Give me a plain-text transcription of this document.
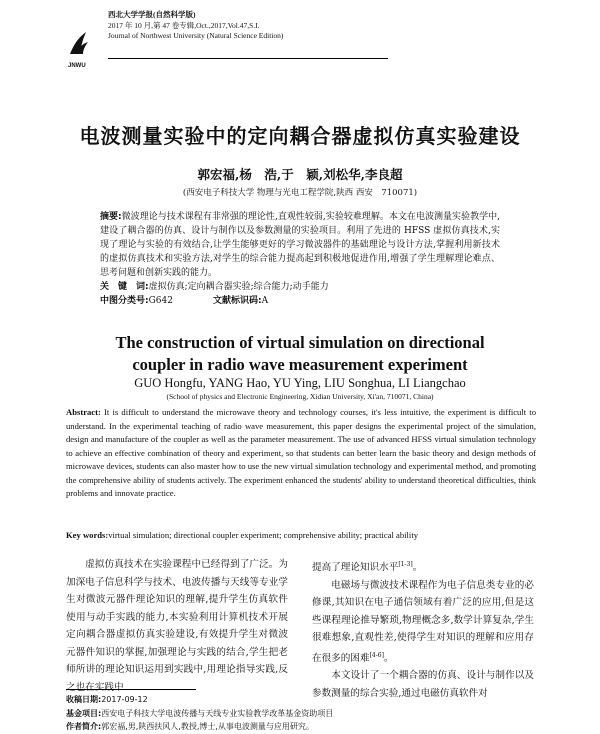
JNWU
西北大学学报(自然科学版)
2017 年 10 月,第 47 卷专辑,Oct.,2017,Vol.47,S.I.
Journal of Northwest University (Natural Science Edition)
电波测量实验中的定向耦合器虚拟仿真实验建设
郭宏福,杨　浩,于　颖,刘松华,李良超
(西安电子科技大学 物理与光电工程学院,陕西 西安　710071)
摘要:微波理论与技术课程有非常强的理论性,直观性较弱,实验较难理解。本文在电波测量实验教学中,建设了耦合器的仿真、设计与制作以及参数测量的实验项目。利用了先进的 HFSS 虚拟仿真技术,实现了理论与实验的有效结合,让学生能够更好的学习微波器件的基础理论与设计方法,掌握利用新技术的虚拟仿真技术和实验方法,对学生的综合能力提高起到积极地促进作用,增强了学生理解理论难点、思考问题和创新实践的能力。
关　键　词:虚拟仿真;定向耦合器实验;综合能力;动手能力
中图分类号:G642	文献标识码:A
The construction of virtual simulation on directional coupler in radio wave measurement experiment
GUO Hongfu, YANG Hao, YU Ying, LIU Songhua, LI Liangchao
(School of physics and Electronic Engineering, Xidian University, Xi'an, 710071, China)
Abstract: It is difficult to understand the microwave theory and technology courses, it's less intuitive, the experiment is difficult to understand. In the experimental teaching of radio wave measurement, this paper designs the experimental project of the simulation, design and manufacture of the coupler as well as the parameter measurement. The use of advanced HFSS virtual simulation technology to achieve an effective combination of theory and experiment, so that students can better learn the basic theory and design methods of microwave devices, students can also master how to use the new virtual simulation technology and experimental method, and promoting the comprehensive ability of students actively. The experiment enhanced the students' ability to understand theoretical difficulties, think problems and innovate practice.
Key words:virtual simulation; directional coupler experiment; comprehensive ability; practical ability

虚拟仿真技术在实验课程中已经得到了广泛。为加深电子信息科学与技术、电波传播与天线等专业学生对微波元器件理论知识的理解,提升学生仿真软件使用与动手实践的能力,本实验利用计算机技术开展定向耦合器虚拟仿真实验建设,有效提升学生对微波元器件知识的掌握,加强理论与实践的结合,学生把老师所讲的理论知识运用到实践中,用理论指导实践,反之也在实践中

提高了理论知识水平[1-3]。

电磁场与微波技术课程作为电子信息类专业的必修课,其知识在电子通信领域有着广泛的应用,但是这些课程理论推导繁琐,物理概念多,数学计算复杂,学生很难想象,直观性差,使得学生对知识的理解和应用存在很多的困难[4-6]。

本文设计了一个耦合器的仿真、设计与制作以及参数测量的综合实验,通过电磁仿真软件对

收稿日期:2017-09-12
基金项目:西安电子科技大学电波传播与天线专业实验教学改革基金资助项目
作者简介:郭宏福,男,陕西扶风人,教授,博士,从事电波测量与应用研究。
